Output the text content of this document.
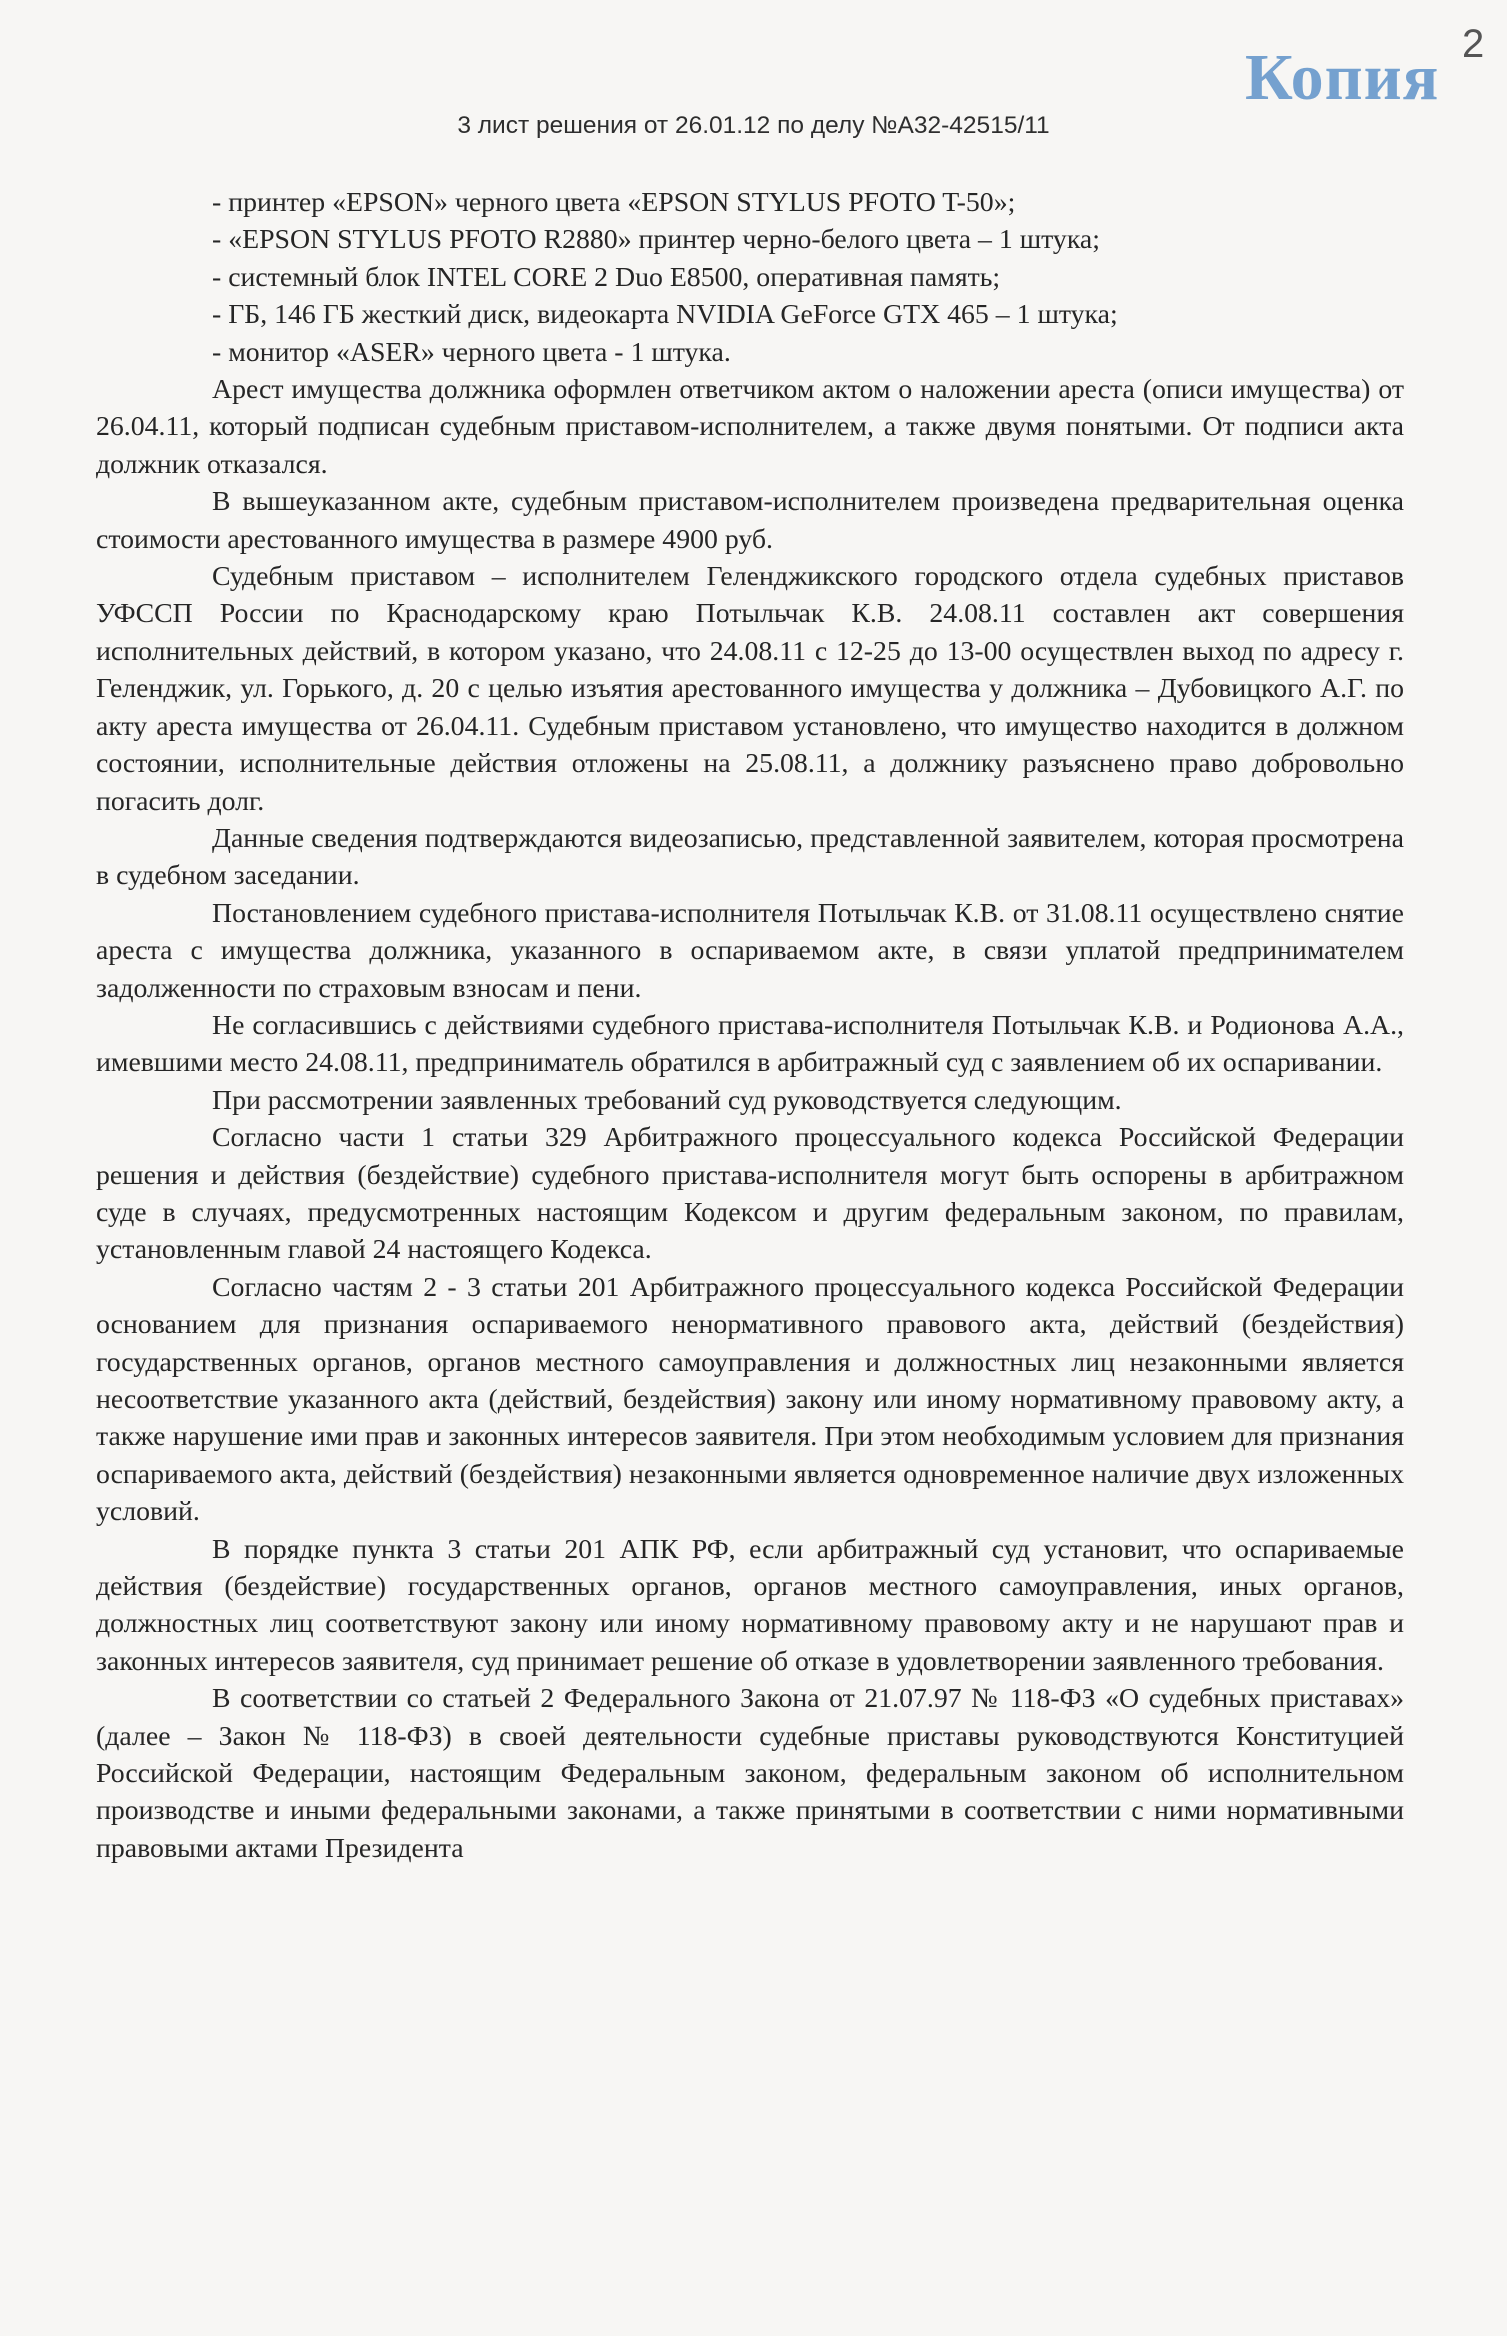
Копия 2
3 лист решения от 26.01.12 по делу №А32-42515/11
- принтер «EPSON» черного цвета «EPSON STYLUS PFOTO T-50»;
- «EPSON STYLUS PFOTO R2880» принтер черно-белого цвета – 1 штука;
- системный блок INTEL CORE 2 Duo E8500, оперативная память;
- ГБ, 146 ГБ жесткий диск, видеокарта NVIDIA GeForce GTX 465 – 1 штука;
- монитор «ASER» черного цвета - 1 штука.

Арест имущества должника оформлен ответчиком актом о наложении ареста (описи имущества) от 26.04.11, который подписан судебным приставом-исполнителем, а также двумя понятыми. От подписи акта должник отказался.

В вышеуказанном акте, судебным приставом-исполнителем произведена предварительная оценка стоимости арестованного имущества в размере 4900 руб.

Судебным приставом – исполнителем Геленджикского городского отдела судебных приставов УФССП России по Краснодарскому краю Потыльчак К.В. 24.08.11 составлен акт совершения исполнительных действий, в котором указано, что 24.08.11 с 12-25 до 13-00 осуществлен выход по адресу г. Геленджик, ул. Горького, д. 20 с целью изъятия арестованного имущества у должника – Дубовицкого А.Г. по акту ареста имущества от 26.04.11. Судебным приставом установлено, что имущество находится в должном состоянии, исполнительные действия отложены на 25.08.11, а должнику разъяснено право добровольно погасить долг.

Данные сведения подтверждаются видеозаписью, представленной заявителем, которая просмотрена в судебном заседании.

Постановлением судебного пристава-исполнителя Потыльчак К.В. от 31.08.11 осуществлено снятие ареста с имущества должника, указанного в оспариваемом акте, в связи уплатой предпринимателем задолженности по страховым взносам и пени.

Не согласившись с действиями судебного пристава-исполнителя Потыльчак К.В. и Родионова А.А., имевшими место 24.08.11, предприниматель обратился в арбитражный суд с заявлением об их оспаривании.

При рассмотрении заявленных требований суд руководствуется следующим.

Согласно части 1 статьи 329 Арбитражного процессуального кодекса Российской Федерации решения и действия (бездействие) судебного пристава-исполнителя могут быть оспорены в арбитражном суде в случаях, предусмотренных настоящим Кодексом и другим федеральным законом, по правилам, установленным главой 24 настоящего Кодекса.

Согласно частям 2 - 3 статьи 201 Арбитражного процессуального кодекса Российской Федерации основанием для признания оспариваемого ненормативного правового акта, действий (бездействия) государственных органов, органов местного самоуправления и должностных лиц незаконными является несоответствие указанного акта (действий, бездействия) закону или иному нормативному правовому акту, а также нарушение ими прав и законных интересов заявителя. При этом необходимым условием для признания оспариваемого акта, действий (бездействия) незаконными является одновременное наличие двух изложенных условий.

В порядке пункта 3 статьи 201 АПК РФ, если арбитражный суд установит, что оспариваемые действия (бездействие) государственных органов, органов местного самоуправления, иных органов, должностных лиц соответствуют закону или иному нормативному правовому акту и не нарушают прав и законных интересов заявителя, суд принимает решение об отказе в удовлетворении заявленного требования.

В соответствии со статьей 2 Федерального Закона от 21.07.97 № 118-ФЗ «О судебных приставах» (далее – Закон № 118-ФЗ) в своей деятельности судебные приставы руководствуются Конституцией Российской Федерации, настоящим Федеральным законом, федеральным законом об исполнительном производстве и иными федеральными законами, а также принятыми в соответствии с ними нормативными правовыми актами Президента
